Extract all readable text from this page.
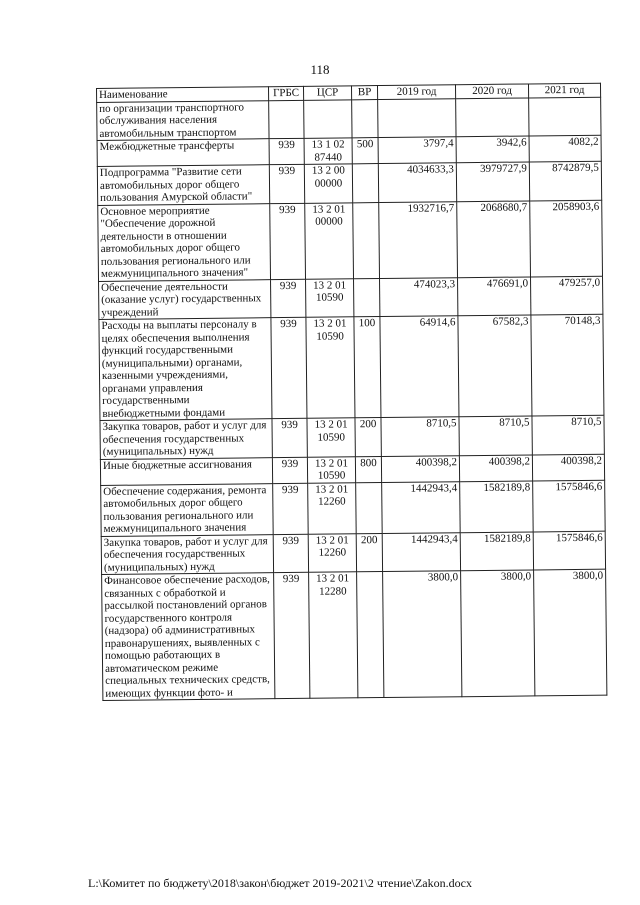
118
Наименование	ГРБС	ЦСР	ВР	2019 год	2020 год	2021 год
по организации транспортного обслуживания населения автомобильным транспортом						
Межбюджетные трансферты	939	13 1 02 87440	500	3797,4	3942,6	4082,2
Подпрограмма "Развитие сети автомобильных дорог общего пользования Амурской области"	939	13 2 00 00000		4034633,3	3979727,9	8742879,5
Основное мероприятие "Обеспечение дорожной деятельности в отношении автомобильных дорог общего пользования регионального или межмуниципального значения"	939	13 2 01 00000		1932716,7	2068680,7	2058903,6
Обеспечение деятельности (оказание услуг) государственных учреждений	939	13 2 01 10590		474023,3	476691,0	479257,0
Расходы на выплаты персоналу в целях обеспечения выполнения функций государственными (муниципальными) органами, казенными учреждениями, органами управления государственными внебюджетными фондами	939	13 2 01 10590	100	64914,6	67582,3	70148,3
Закупка товаров, работ и услуг для обеспечения государственных (муниципальных) нужд	939	13 2 01 10590	200	8710,5	8710,5	8710,5
Иные бюджетные ассигнования	939	13 2 01 10590	800	400398,2	400398,2	400398,2
Обеспечение содержания, ремонта автомобильных дорог общего пользования регионального или межмуниципального значения	939	13 2 01 12260		1442943,4	1582189,8	1575846,6
Закупка товаров, работ и услуг для обеспечения государственных (муниципальных) нужд	939	13 2 01 12260	200	1442943,4	1582189,8	1575846,6
Финансовое обеспечение расходов, связанных с обработкой и рассылкой постановлений органов государственного контроля (надзора) об административных правонарушениях, выявленных с помощью работающих в автоматическом режиме специальных технических средств, имеющих функции фото- и	939	13 2 01 12280		3800,0	3800,0	3800,0
L:\Комитет по бюджету\2018\закон\бюджет 2019-2021\2 чтение\Zakon.docx
